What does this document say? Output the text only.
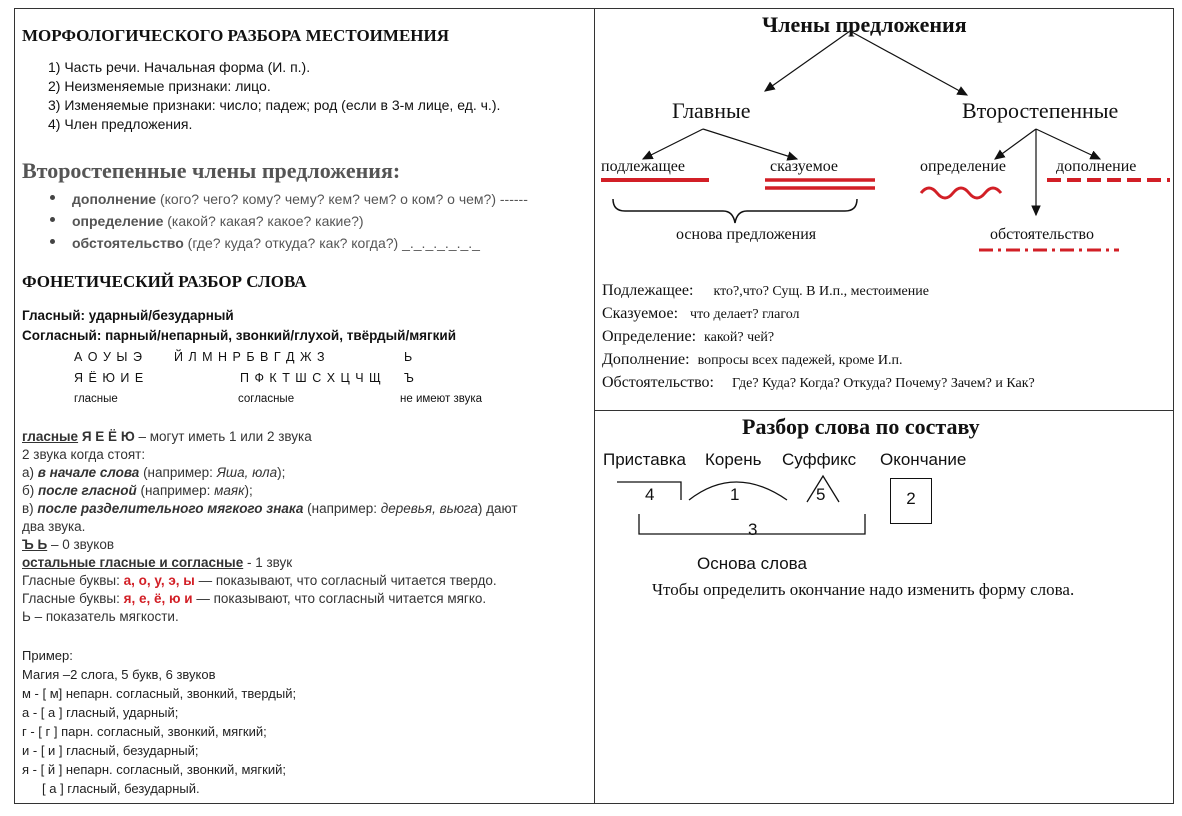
МОРФОЛОГИЧЕСКОГО РАЗБОРА МЕСТОИМЕНИЯ
1) Часть речи. Начальная форма (И. п.).
2) Неизменяемые признаки: лицо.
3) Изменяемые признаки: число; падеж; род (если в 3-м лице, ед. ч.).
4) Член предложения.
Второстепенные члены предложения:
дополнение (кого? чего? кому? чему? кем? чем? о ком? о чем?) ------
определение (какой? какая? какое? какие?)
обстоятельство (где? куда? откуда? как? когда?) _._._._._._._
ФОНЕТИЧЕСКИЙ РАЗБОР СЛОВА
Гласный: ударный/безударный
Согласный: парный/непарный, звонкий/глухой, твёрдый/мягкий
А О У Ы Э Й Л М Н Р Б В Г Д Ж З	Ь
Я Ё Ю И Е	П Ф К Т Ш С Х Ц Ч Щ Ъ
гласные	согласные	не имеют звука
гласные Я Е Ё Ю – могут иметь 1 или 2 звука
2 звука когда стоят:
а) в начале слова (например: Яша, юла);
б) после гласной (например: маяк);
в) после разделительного мягкого знака (например: деревья, вьюга) дают
два звука.
Ъ Ь – 0 звуков
остальные гласные и согласные - 1 звук
Гласные буквы: а, о, у, э, ы — показывают, что согласный читается твердо.
Гласные буквы: я, е, ё, ю и — показывают, что согласный читается мягко.
Ь – показатель мягкости.
Пример:
Магия –2 слога, 5 букв, 6 звуков
м - [ м] непарн. согласный, звонкий, твердый;
а - [ а ] гласный, ударный;
г - [ г ] парн. согласный, звонкий, мягкий;
и - [ и ] гласный, безударный;
я - [ й ] непарн. согласный, звонкий, мягкий;
[ а ] гласный, безударный.
Члены предложения
Главные	Второстепенные
подлежащее	сказуемое	определение	дополнение
основа предложения	обстоятельство
Подлежащее: кто?,что? Сущ. В И.п., местоимение
Сказуемое: что делает? глагол
Определение: какой? чей?
Дополнение: вопросы всех падежей, кроме И.п.
Обстоятельство: Где? Куда? Когда? Откуда? Почему? Зачем? и Как?
Разбор слова по составу
Приставка Корень Суффикс Окончание
4	1	5	2
3
Основа слова
Чтобы определить окончание надо изменить форму слова.
